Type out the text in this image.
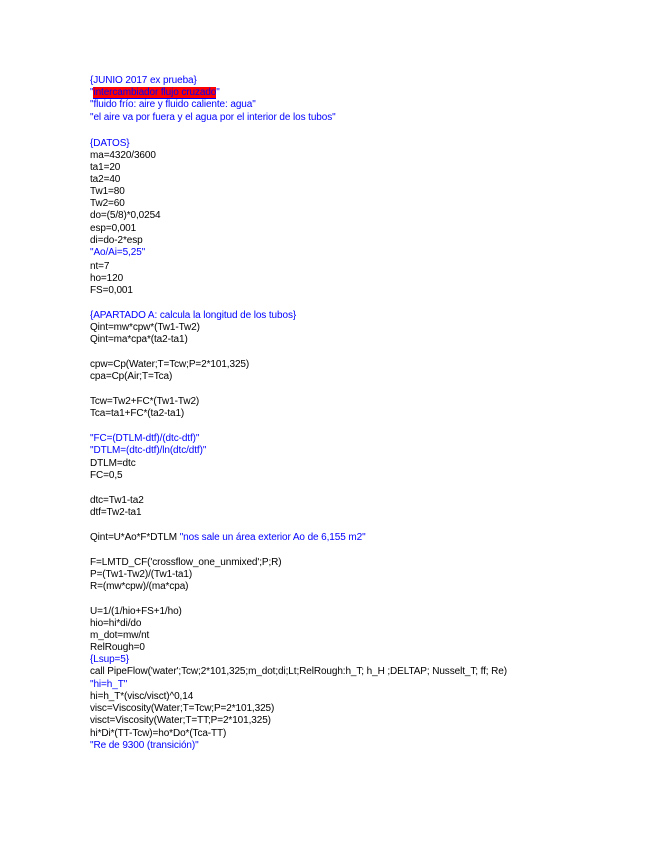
{JUNIO 2017 ex prueba}
"intercambiador flujo cruzado"
"fluido frío: aire y fluido caliente: agua"
"el aire va por fuera y el agua por el interior de los tubos"
{DATOS}
ma=4320/3600
ta1=20
ta2=40
Tw1=80
Tw2=60
do=(5/8)*0,0254
esp=0,001
di=do-2*esp
"Ao/Ai=5,25"
nt=7
ho=120
FS=0,001
{APARTADO A: calcula la longitud de los tubos}
Qint=mw*cpw*(Tw1-Tw2)
Qint=ma*cpa*(ta2-ta1)
cpw=Cp(Water;T=Tcw;P=2*101,325)
cpa=Cp(Air;T=Tca)
Tcw=Tw2+FC*(Tw1-Tw2)
Tca=ta1+FC*(ta2-ta1)
"FC=(DTLM-dtf)/(dtc-dtf)"
"DTLM=(dtc-dtf)/ln(dtc/dtf)"
DTLM=dtc
FC=0,5
dtc=Tw1-ta2
dtf=Tw2-ta1
Qint=U*Ao*F*DTLM "nos sale un área exterior Ao de 6,155 m2"
F=LMTD_CF('crossflow_one_unmixed';P;R)
P=(Tw1-Tw2)/(Tw1-ta1)
R=(mw*cpw)/(ma*cpa)
U=1/(1/hio+FS+1/ho)
hio=hi*di/do
m_dot=mw/nt
RelRough=0
{Lsup=5}
call PipeFlow('water';Tcw;2*101,325;m_dot;di;Lt;RelRough:h_T; h_H ;DELTAP; Nusselt_T; ff; Re)
"hi=h_T"
hi=h_T*(visc/visct)^0,14
visc=Viscosity(Water;T=Tcw;P=2*101,325)
visct=Viscosity(Water;T=TT;P=2*101,325)
hi*Di*(TT-Tcw)=ho*Do*(Tca-TT)
"Re de 9300 (transición)"
